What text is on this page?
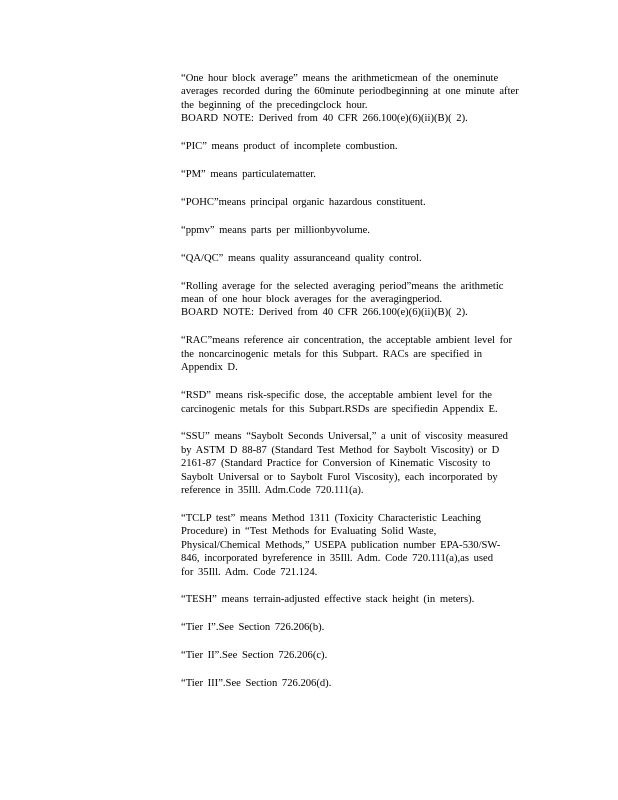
“One hour block average” means the arithmeticmean of the oneminute
averages recorded during the 60minute periodbeginning at one minute after
the beginning of the precedingclock hour.
BOARD NOTE: Derived from 40 CFR 266.100(e)(6)(ii)(B)( 2).

“PIC” means product of incomplete combustion.

“PM” means particulatematter.

“POHC”means principal organic hazardous constituent.

“ppmv” means parts per millionbyvolume.

“QA/QC” means quality assuranceand quality control.

“Rolling average for the selected averaging period”means the arithmetic
mean of one hour block averages for the averagingperiod.
BOARD NOTE: Derived from 40 CFR 266.100(e)(6)(ii)(B)( 2).

“RAC”means reference air concentration, the acceptable ambient level for
the noncarcinogenic metals for this Subpart. RACs are specified in
Appendix D.

“RSD” means risk-specific dose, the acceptable ambient level for the
carcinogenic metals for this Subpart.RSDs are specifiedin Appendix E.

“SSU” means “Saybolt Seconds Universal,” a unit of viscosity measured
by ASTM D 88-87 (Standard Test Method for Saybolt Viscosity) or D
2161-87 (Standard Practice for Conversion of Kinematic Viscosity to
Saybolt Universal or to Saybolt Furol Viscosity), each incorporated by
reference in 35Ill. Adm.Code 720.111(a).

“TCLP test” means Method 1311 (Toxicity Characteristic Leaching
Procedure) in “Test Methods for Evaluating Solid Waste,
Physical/Chemical Methods,” USEPA publication number EPA-530/SW-
846, incorporated byreference in 35Ill. Adm. Code 720.111(a),as used
for 35Ill. Adm. Code 721.124.

“TESH” means terrain-adjusted effective stack height (in meters).

“Tier I”.See Section 726.206(b).

“Tier II”.See Section 726.206(c).

“Tier III”.See Section 726.206(d).
